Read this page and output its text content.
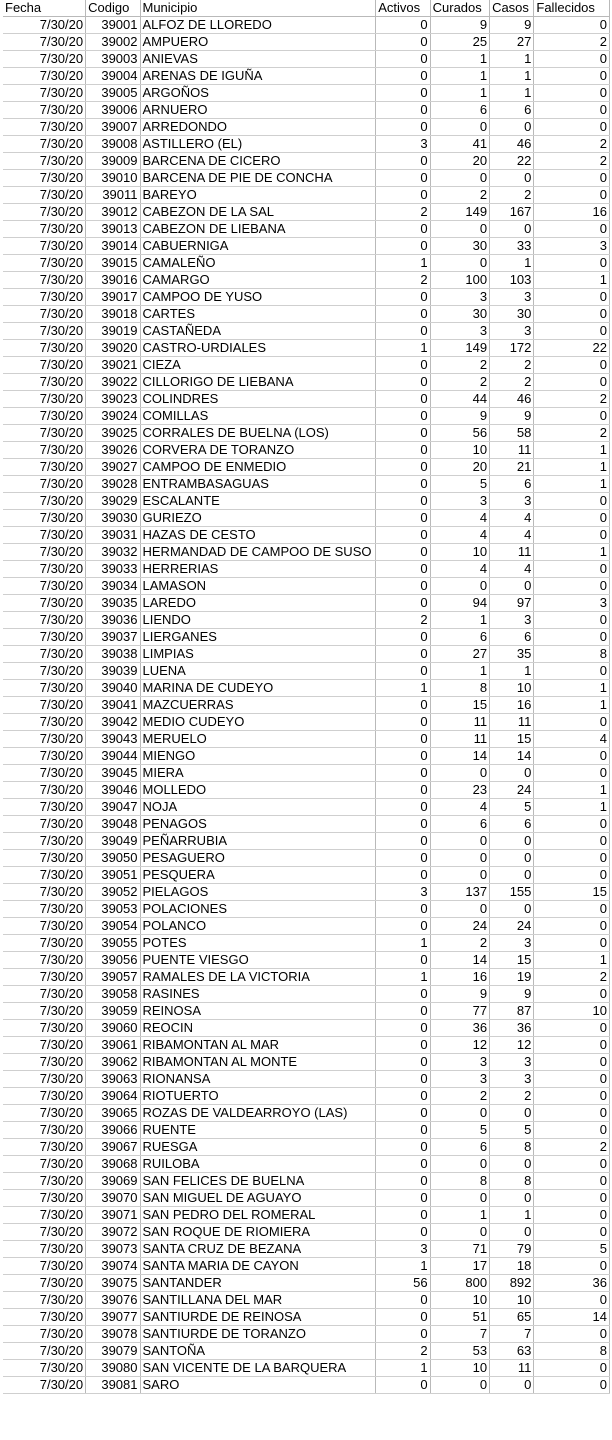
Fecha	Codigo	Municipio	Activos	Curados	Casos	Fallecidos
7/30/20	39001	ALFOZ DE LLOREDO	0	9	9	0
7/30/20	39002	AMPUERO	0	25	27	2
7/30/20	39003	ANIEVAS	0	1	1	0
7/30/20	39004	ARENAS DE IGUÑA	0	1	1	0
7/30/20	39005	ARGOÑOS	0	1	1	0
7/30/20	39006	ARNUERO	0	6	6	0
7/30/20	39007	ARREDONDO	0	0	0	0
7/30/20	39008	ASTILLERO (EL)	3	41	46	2
7/30/20	39009	BARCENA DE CICERO	0	20	22	2
7/30/20	39010	BARCENA DE PIE DE CONCHA	0	0	0	0
7/30/20	39011	BAREYO	0	2	2	0
7/30/20	39012	CABEZON DE LA SAL	2	149	167	16
7/30/20	39013	CABEZON DE LIEBANA	0	0	0	0
7/30/20	39014	CABUERNIGA	0	30	33	3
7/30/20	39015	CAMALEÑO	1	0	1	0
7/30/20	39016	CAMARGO	2	100	103	1
7/30/20	39017	CAMPOO DE YUSO	0	3	3	0
7/30/20	39018	CARTES	0	30	30	0
7/30/20	39019	CASTAÑEDA	0	3	3	0
7/30/20	39020	CASTRO-URDIALES	1	149	172	22
7/30/20	39021	CIEZA	0	2	2	0
7/30/20	39022	CILLORIGO DE LIEBANA	0	2	2	0
7/30/20	39023	COLINDRES	0	44	46	2
7/30/20	39024	COMILLAS	0	9	9	0
7/30/20	39025	CORRALES DE BUELNA (LOS)	0	56	58	2
7/30/20	39026	CORVERA DE TORANZO	0	10	11	1
7/30/20	39027	CAMPOO DE ENMEDIO	0	20	21	1
7/30/20	39028	ENTRAMBASAGUAS	0	5	6	1
7/30/20	39029	ESCALANTE	0	3	3	0
7/30/20	39030	GURIEZO	0	4	4	0
7/30/20	39031	HAZAS DE CESTO	0	4	4	0
7/30/20	39032	HERMANDAD DE CAMPOO DE SUSO	0	10	11	1
7/30/20	39033	HERRERIAS	0	4	4	0
7/30/20	39034	LAMASON	0	0	0	0
7/30/20	39035	LAREDO	0	94	97	3
7/30/20	39036	LIENDO	2	1	3	0
7/30/20	39037	LIERGANES	0	6	6	0
7/30/20	39038	LIMPIAS	0	27	35	8
7/30/20	39039	LUENA	0	1	1	0
7/30/20	39040	MARINA DE CUDEYO	1	8	10	1
7/30/20	39041	MAZCUERRAS	0	15	16	1
7/30/20	39042	MEDIO CUDEYO	0	11	11	0
7/30/20	39043	MERUELO	0	11	15	4
7/30/20	39044	MIENGO	0	14	14	0
7/30/20	39045	MIERA	0	0	0	0
7/30/20	39046	MOLLEDO	0	23	24	1
7/30/20	39047	NOJA	0	4	5	1
7/30/20	39048	PENAGOS	0	6	6	0
7/30/20	39049	PEÑARRUBIA	0	0	0	0
7/30/20	39050	PESAGUERO	0	0	0	0
7/30/20	39051	PESQUERA	0	0	0	0
7/30/20	39052	PIELAGOS	3	137	155	15
7/30/20	39053	POLACIONES	0	0	0	0
7/30/20	39054	POLANCO	0	24	24	0
7/30/20	39055	POTES	1	2	3	0
7/30/20	39056	PUENTE VIESGO	0	14	15	1
7/30/20	39057	RAMALES DE LA VICTORIA	1	16	19	2
7/30/20	39058	RASINES	0	9	9	0
7/30/20	39059	REINOSA	0	77	87	10
7/30/20	39060	REOCIN	0	36	36	0
7/30/20	39061	RIBAMONTAN AL MAR	0	12	12	0
7/30/20	39062	RIBAMONTAN AL MONTE	0	3	3	0
7/30/20	39063	RIONANSA	0	3	3	0
7/30/20	39064	RIOTUERTO	0	2	2	0
7/30/20	39065	ROZAS DE VALDEARROYO (LAS)	0	0	0	0
7/30/20	39066	RUENTE	0	5	5	0
7/30/20	39067	RUESGA	0	6	8	2
7/30/20	39068	RUILOBA	0	0	0	0
7/30/20	39069	SAN FELICES DE BUELNA	0	8	8	0
7/30/20	39070	SAN MIGUEL DE AGUAYO	0	0	0	0
7/30/20	39071	SAN PEDRO DEL ROMERAL	0	1	1	0
7/30/20	39072	SAN ROQUE DE RIOMIERA	0	0	0	0
7/30/20	39073	SANTA CRUZ DE BEZANA	3	71	79	5
7/30/20	39074	SANTA MARIA DE CAYON	1	17	18	0
7/30/20	39075	SANTANDER	56	800	892	36
7/30/20	39076	SANTILLANA DEL MAR	0	10	10	0
7/30/20	39077	SANTIURDE DE REINOSA	0	51	65	14
7/30/20	39078	SANTIURDE DE TORANZO	0	7	7	0
7/30/20	39079	SANTOÑA	2	53	63	8
7/30/20	39080	SAN VICENTE DE LA BARQUERA	1	10	11	0
7/30/20	39081	SARO	0	0	0	0
